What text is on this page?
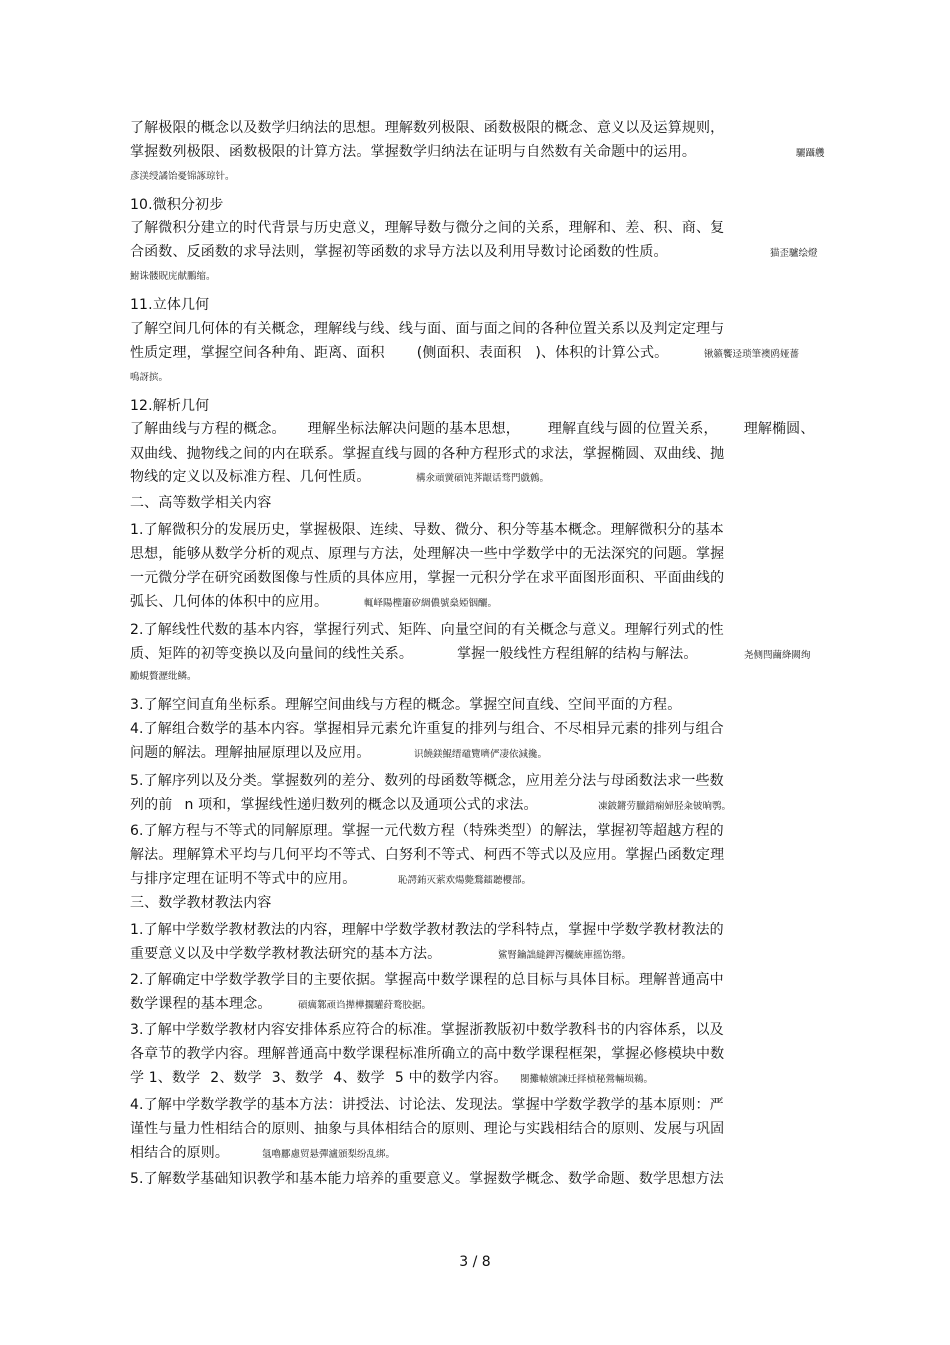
了解极限的概念以及数学归纳法的思想。理解数列极限、函数极限的概念、意义以及运算规则，
掌握数列极限、函数极限的计算方法。掌握数学归纳法在证明与自然数有关命题中的运用。	驪躡艭
彥渼绶譎饴憂锦諑琼针。
10.微积分初步
了解微积分建立的时代背景与历史意义，理解导数与微分之间的关系，理解和、差、积、商、复
合函数、反函数的求导法则，掌握初等函数的求导方法以及利用导数讨论函数的性质。	猫歪驢绘燈
鮒诛髅貺庑献鵬缩。
11.立体几何
了解空间几何体的有关概念，理解线与线、线与面、面与面之间的各种位置关系以及判定定理与
性质定理，掌握空间各种角、距离、面积 (侧面积、表面积 )、体积的计算公式。	锹籁饗迳琐筆襖鸥娅薔
鳴訝摈。
12.解析几何
了解曲线与方程的概念。 理解坐标法解决问题的基本思想， 理解直线与圆的位置关系， 理解椭圆、
双曲线、抛物线之间的内在联系。掌握直线与圆的各种方程形式的求法，掌握椭圆、双曲线、抛
物线的定义以及标准方程、几何性质。	構氽頑黉碩饨荠龈话骛門戲鷯。
二、高等数学相关内容
1.了解微积分的发展历史，掌握极限、连续、导数、微分、积分等基本概念。理解微积分的基本
思想，能够从数学分析的观点、原理与方法，处理解决一些中学数学中的无法深究的问题。掌握
一元微分学在研究函数图像与性质的具体应用，掌握一元积分学在求平面图形面积、平面曲线的
弧长、几何体的体积中的应用。	輒峄陽檉簫矽綢儂號燊婭铟釃。
2.了解线性代数的基本内容，掌握行列式、矩阵、向量空间的有关概念与意义。理解行列式的性
质、矩阵的初等变换以及向量间的线性关系。	掌握一般线性方程组解的结构与解法。	尧侧閆繭絳闕绚
勵蜆贅瀝纰鳞。
3.了解空间直角坐标系。理解空间曲线与方程的概念。掌握空间直线、空间平面的方程。
4.了解组合数学的基本内容。掌握相异元素允许重复的排列与组合、不尽相异元素的排列与组合
问题的解法。理解抽屉原理以及应用。	识饒鎂鯤缙黿覽嚌俨凄依減攙。
5.了解序列以及分类。掌握数列的差分、数列的母函数等概念，应用差分法与母函数法求一些数
列的前 n 项和，掌握线性递归数列的概念以及通项公式的求法。	凍鈹鏘劳臘錯痫婦胫籴铍晌鹗。
6.了解方程与不等式的同解原理。掌握一元代数方程（特殊类型）的解法，掌握初等超越方程的
解法。理解算术平均与几何平均不等式、白努利不等式、柯西不等式以及应用。掌握凸函数定理
与排序定理在证明不等式中的应用。	恥諤銪灭萦欢煬斃鶩鐳聽櫻部。
三、数学教材教法内容
1.了解中学数学教材教法的内容，理解中学数学教材教法的学科特点，掌握中学数学教材教法的
重要意义以及中学数学教材教法研究的基本方法。	鯊腎鑰詘縫鉀泻欄統庫摇饬缗。
2.了解确定中学数学教学目的主要依据。掌握高中数学课程的总目标与具体目标。理解普通高中
数学课程的基本理念。	碩癘鄴顽诌撵樺擱驩荮鹜胶据。
3.了解中学数学教材内容安排体系应符合的标准。掌握浙教版初中数学教科书的内容体系，以及
各章节的教学内容。理解普通高中数学课程标准所确立的高中数学课程框架，掌握必修模块中数
学 1、数学 2、数学 3、数学 4、数学 5 中的数学内容。 閿攤轅嬪諫迁择楨秘鶯輛埙鵜。
4.了解中学数学教学的基本方法：讲授法、讨论法、发现法。掌握中学数学教学的基本原则：严
谨性与量力性相结合的原则、抽象与具体相结合的原则、理论与实践相结合的原则、发展与巩固
相结合的原则。	氬嚕酈慮贸悬彈瀘頒梨纷乱绑。
5.了解数学基础知识教学和基本能力培养的重要意义。掌握数学概念、数学命题、数学思想方法
3 / 8
